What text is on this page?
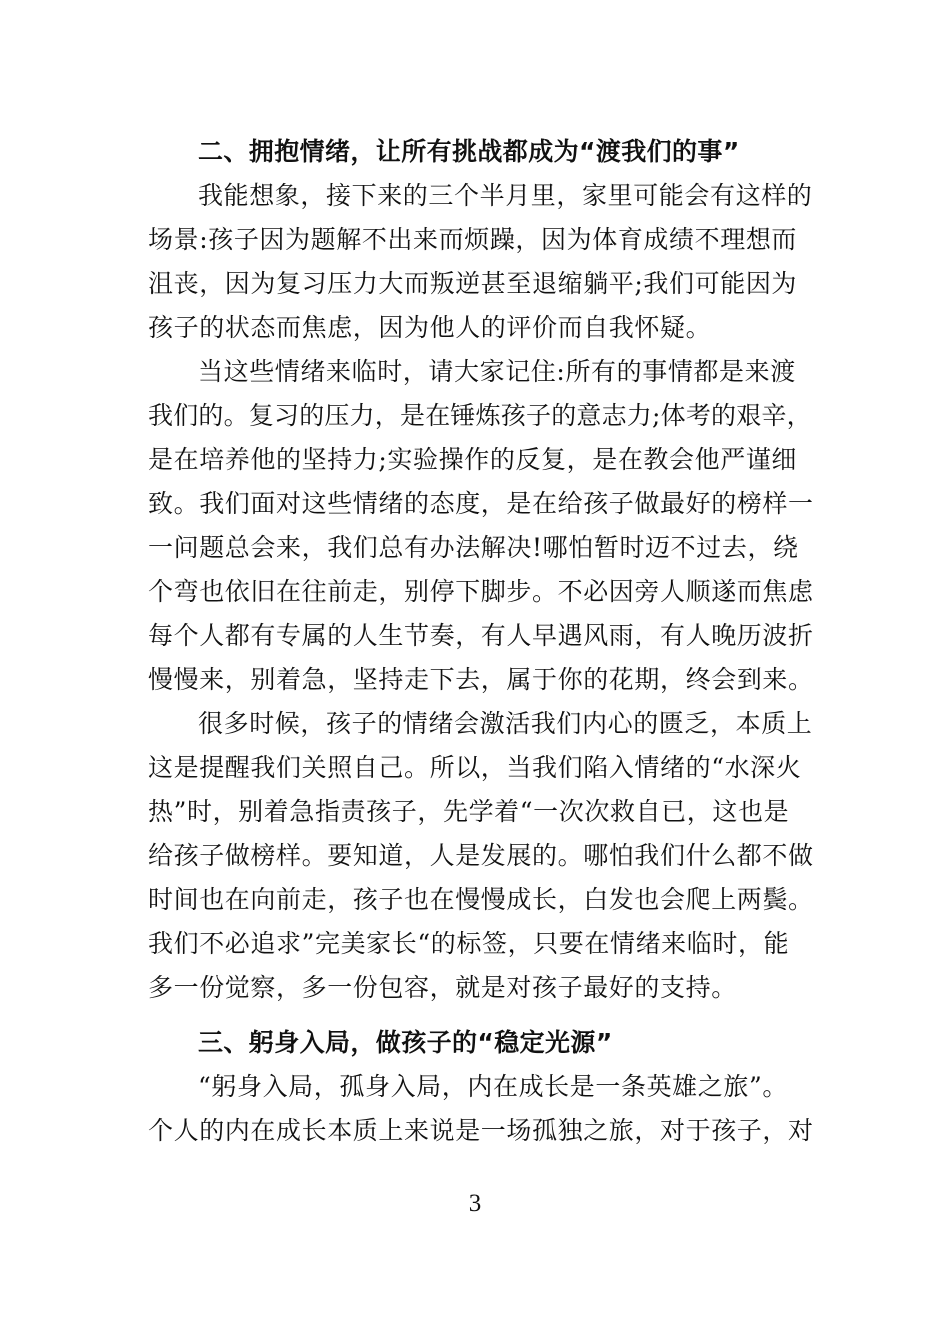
二、拥抱情绪，让所有挑战都成为“渡我们的事”
我能想象，接下来的三个半月里，家里可能会有这样的
场景:孩子因为题解不出来而烦躁，因为体育成绩不理想而
沮丧，因为复习压力大而叛逆甚至退缩躺平;我们可能因为
孩子的状态而焦虑，因为他人的评价而自我怀疑。
当这些情绪来临时，请大家记住:所有的事情都是来渡
我们的。复习的压力，是在锤炼孩子的意志力;体考的艰辛，
是在培养他的坚持力;实验操作的反复，是在教会他严谨细
致。我们面对这些情绪的态度，是在给孩子做最好的榜样一
一问题总会来，我们总有办法解决!哪怕暂时迈不过去，绕
个弯也依旧在往前走，别停下脚步。不必因旁人顺遂而焦虑
每个人都有专属的人生节奏，有人早遇风雨，有人晚历波折
慢慢来，别着急，坚持走下去，属于你的花期，终会到来。
很多时候，孩子的情绪会激活我们内心的匮乏，本质上
这是提醒我们关照自己。所以，当我们陷入情绪的“水深火
热”时，别着急指责孩子，先学着“一次次救自已，这也是
给孩子做榜样。要知道，人是发展的。哪怕我们什么都不做
时间也在向前走，孩子也在慢慢成长，白发也会爬上两鬓。
我们不必追求”完美家长“的标签，只要在情绪来临时，能
多一份觉察，多一份包容，就是对孩子最好的支持。
三、躬身入局，做孩子的“稳定光源”
“躬身入局，孤身入局，内在成长是一条英雄之旅”。
个人的内在成长本质上来说是一场孤独之旅，对于孩子，对
3
